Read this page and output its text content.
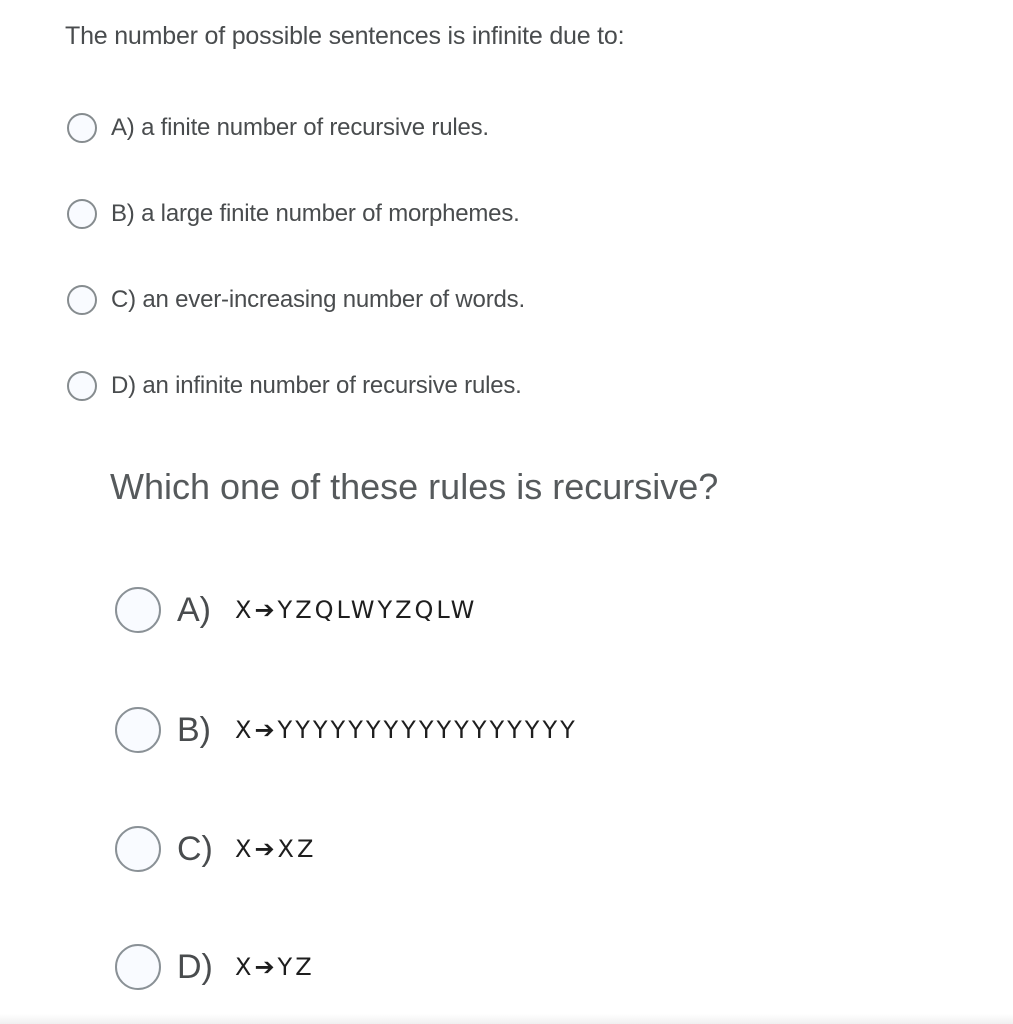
The number of possible sentences is infinite due to:
A) a finite number of recursive rules.
B) a large finite number of morphemes.
C) an ever-increasing number of words.
D) an infinite number of recursive rules.
Which one of these rules is recursive?
A)	X➔YZQLWYZQLW
B)	X➔YYYYYYYYYYYYYYYYY
C) X➔XZ
D) X➔YZ
